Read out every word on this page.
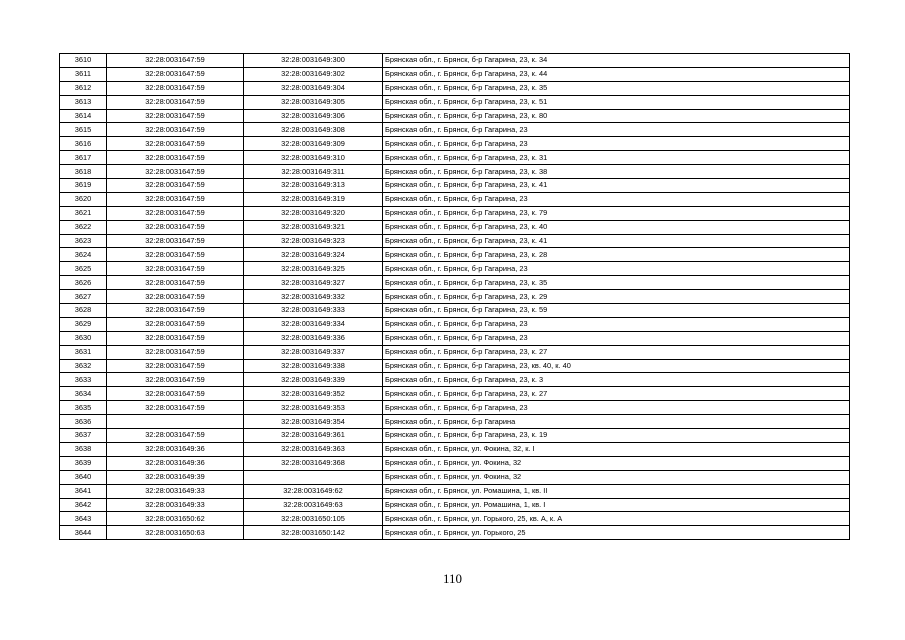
3610	32:28:0031647:59	32:28:0031649:300	Брянская обл., г. Брянск, б-р Гагарина, 23, к. 34
3611	32:28:0031647:59	32:28:0031649:302	Брянская обл., г. Брянск, б-р Гагарина, 23, к. 44
3612	32:28:0031647:59	32:28:0031649:304	Брянская обл., г. Брянск, б-р Гагарина, 23, к. 35
3613	32:28:0031647:59	32:28:0031649:305	Брянская обл., г. Брянск, б-р Гагарина, 23, к. 51
3614	32:28:0031647:59	32:28:0031649:306	Брянская обл., г. Брянск, б-р Гагарина, 23, к. 80
3615	32:28:0031647:59	32:28:0031649:308	Брянская обл., г. Брянск, б-р Гагарина, 23
3616	32:28:0031647:59	32:28:0031649:309	Брянская обл., г. Брянск, б-р Гагарина, 23
3617	32:28:0031647:59	32:28:0031649:310	Брянская обл., г. Брянск, б-р Гагарина, 23, к. 31
3618	32:28:0031647:59	32:28:0031649:311	Брянская обл., г. Брянск, б-р Гагарина, 23, к. 38
3619	32:28:0031647:59	32:28:0031649:313	Брянская обл., г. Брянск, б-р Гагарина, 23, к. 41
3620	32:28:0031647:59	32:28:0031649:319	Брянская обл., г. Брянск, б-р Гагарина, 23
3621	32:28:0031647:59	32:28:0031649:320	Брянская обл., г. Брянск, б-р Гагарина, 23, к. 79
3622	32:28:0031647:59	32:28:0031649:321	Брянская обл., г. Брянск, б-р Гагарина, 23, к. 40
3623	32:28:0031647:59	32:28:0031649:323	Брянская обл., г. Брянск, б-р Гагарина, 23, к. 41
3624	32:28:0031647:59	32:28:0031649:324	Брянская обл., г. Брянск, б-р Гагарина, 23, к. 28
3625	32:28:0031647:59	32:28:0031649:325	Брянская обл., г. Брянск, б-р Гагарина, 23
3626	32:28:0031647:59	32:28:0031649:327	Брянская обл., г. Брянск, б-р Гагарина, 23, к. 35
3627	32:28:0031647:59	32:28:0031649:332	Брянская обл., г. Брянск, б-р Гагарина, 23, к. 29
3628	32:28:0031647:59	32:28:0031649:333	Брянская обл., г. Брянск, б-р Гагарина, 23, к. 59
3629	32:28:0031647:59	32:28:0031649:334	Брянская обл., г. Брянск, б-р Гагарина, 23
3630	32:28:0031647:59	32:28:0031649:336	Брянская обл., г. Брянск, б-р Гагарина, 23
3631	32:28:0031647:59	32:28:0031649:337	Брянская обл., г. Брянск, б-р Гагарина, 23, к. 27
3632	32:28:0031647:59	32:28:0031649:338	Брянская обл., г. Брянск, б-р Гагарина, 23, кв. 40, к. 40
3633	32:28:0031647:59	32:28:0031649:339	Брянская обл., г. Брянск, б-р Гагарина, 23, к. 3
3634	32:28:0031647:59	32:28:0031649:352	Брянская обл., г. Брянск, б-р Гагарина, 23, к. 27
3635	32:28:0031647:59	32:28:0031649:353	Брянская обл., г. Брянск, б-р Гагарина, 23
3636		32:28:0031649:354	Брянская обл., г. Брянск, б-р Гагарина
3637	32:28:0031647:59	32:28:0031649:361	Брянская обл., г. Брянск, б-р Гагарина, 23, к. 19
3638	32:28:0031649:36	32:28:0031649:363	Брянская обл., г. Брянск, ул. Фокина, 32, к. I
3639	32:28:0031649:36	32:28:0031649:368	Брянская обл., г. Брянск, ул. Фокина, 32
3640	32:28:0031649:39		Брянская обл., г. Брянск, ул. Фокина, 32
3641	32:28:0031649:33	32:28:0031649:62	Брянская обл., г. Брянск, ул. Ромашина, 1, кв. II
3642	32:28:0031649:33	32:28:0031649:63	Брянская обл., г. Брянск, ул. Ромашина, 1, кв. I
3643	32:28:0031650:62	32:28:0031650:105	Брянская обл., г. Брянск, ул. Горького, 25, кв. А, к. А
3644	32:28:0031650:63	32:28:0031650:142	Брянская обл., г. Брянск, ул. Горького, 25
110
